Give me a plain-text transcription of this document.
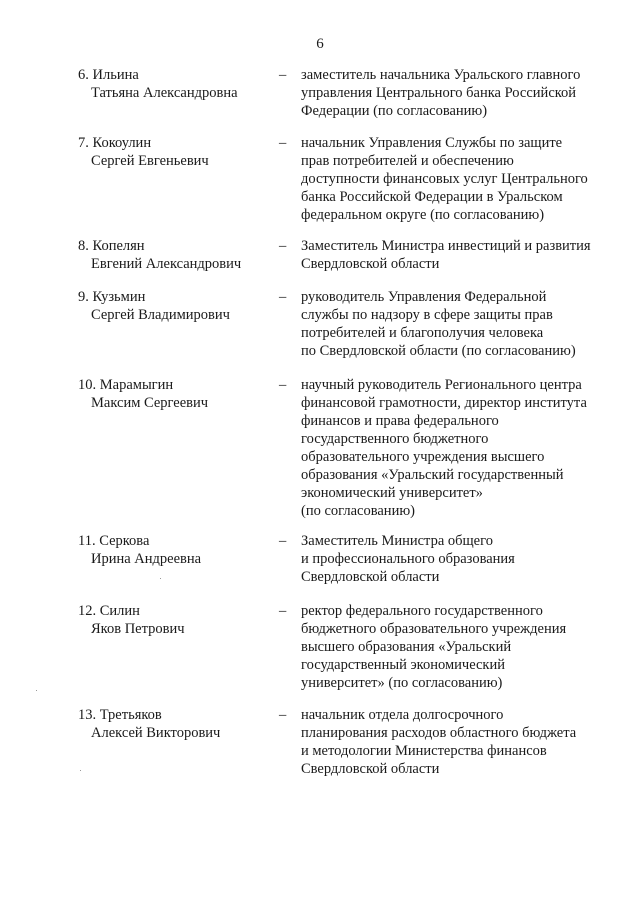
6
6. Ильина
Татьяна Александровна
– заместитель начальника Уральского главного
управления Центрального банка Российской
Федерации (по согласованию)
7. Кокоулин
Сергей Евгеньевич
– начальник Управления Службы по защите
прав потребителей и обеспечению
доступности финансовых услуг Центрального
банка Российской Федерации в Уральском
федеральном округе (по согласованию)
8. Копелян
Евгений Александрович
– Заместитель Министра инвестиций и развития
Свердловской области
9. Кузьмин
Сергей Владимирович
– руководитель Управления Федеральной
службы по надзору в сфере защиты прав
потребителей и благополучия человека
по Свердловской области (по согласованию)
10. Марамыгин
Максим Сергеевич
– научный руководитель Регионального центра
финансовой грамотности, директор института
финансов и права федерального
государственного бюджетного
образовательного учреждения высшего
образования «Уральский государственный
экономический университет»
(по согласованию)
11. Серкова
Ирина Андреевна
– Заместитель Министра общего
и профессионального образования
Свердловской области
12. Силин
Яков Петрович
– ректор федерального государственного
бюджетного образовательного учреждения
высшего образования «Уральский
государственный экономический
университет» (по согласованию)
13. Третьяков
Алексей Викторович
– начальник отдела долгосрочного
планирования расходов областного бюджета
и методологии Министерства финансов
Свердловской области
